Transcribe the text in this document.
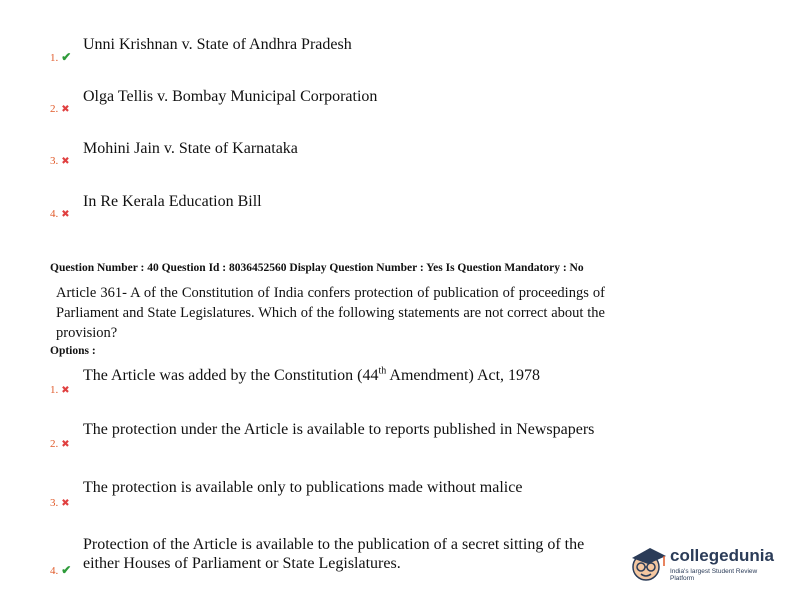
Unni Krishnan v. State of Andhra Pradesh
1. ✔
Olga Tellis v. Bombay Municipal Corporation
2. ✖
Mohini Jain v. State of Karnataka
3. ✖
In Re Kerala Education Bill
4. ✖
Question Number : 40 Question Id : 8036452560 Display Question Number : Yes Is Question Mandatory : No
Article 361- A of the Constitution of India confers protection of publication of proceedings of Parliament and State Legislatures. Which of the following statements are not correct about the provision?
Options :
The Article was added by the Constitution (44th Amendment) Act, 1978
1. ✖
The protection under the Article is available to reports published in Newspapers
2. ✖
The protection is available only to publications made without malice
3. ✖
Protection of the Article is available to the publication of a secret sitting of the
either Houses of Parliament or State Legislatures.
4. ✔
collegedunia
India's largest Student Review Platform
